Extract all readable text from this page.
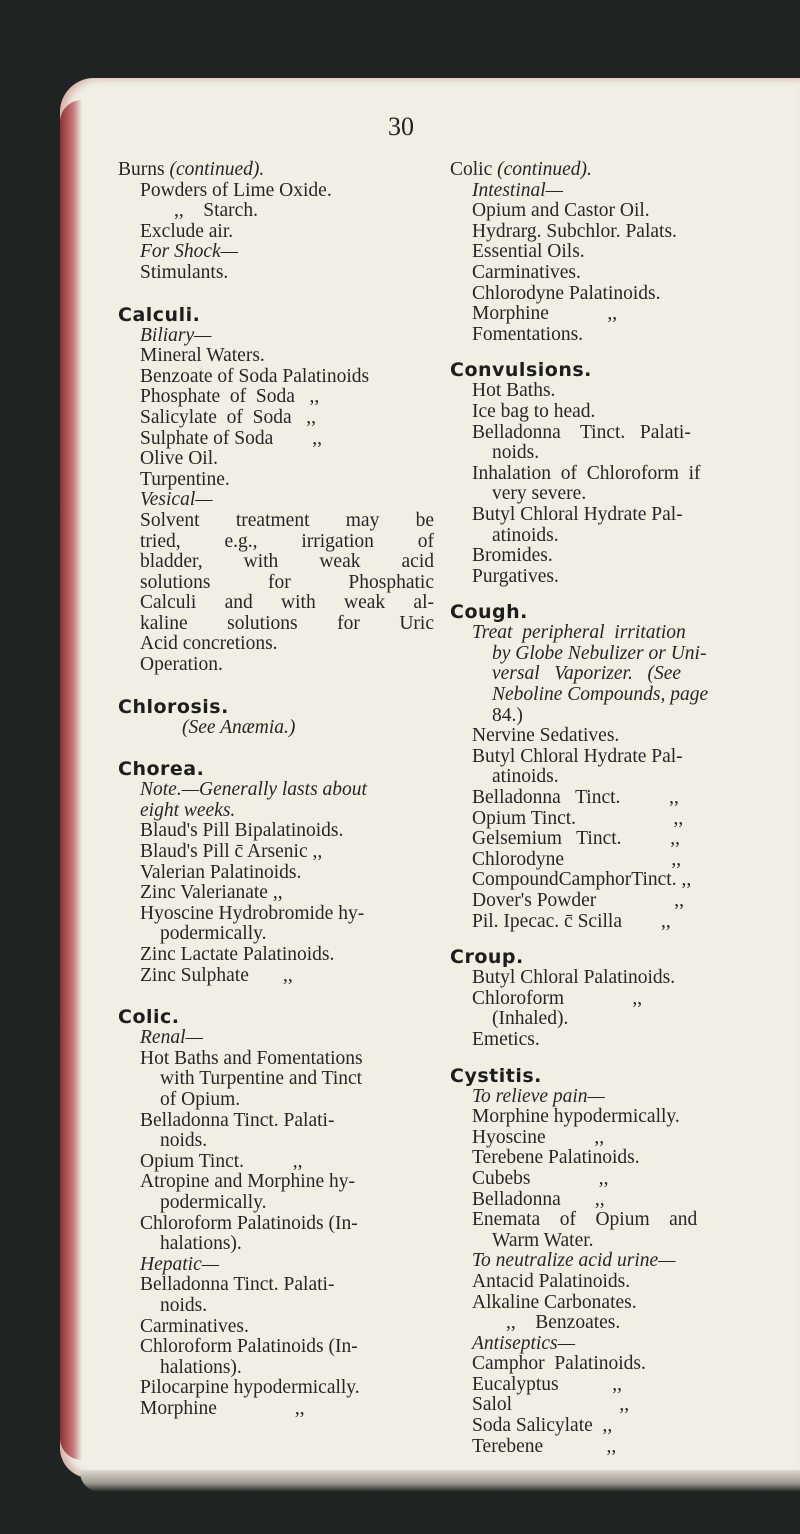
30
Burns (continued).
Powders of Lime Oxide.
,,    Starch.
Exclude air.
For Shock—
Stimulants.
Calculi.
Biliary—
Mineral Waters.
Benzoate of Soda Palatinoids
Phosphate  of  Soda   ,,
Salicylate  of  Soda   ,,
Sulphate of Soda        ,,
Olive Oil.
Turpentine.
Vesical—
Solvent treatment may be
tried, e.g., irrigation of
bladder, with weak acid
solutions for Phosphatic
Calculi and with weak al-
kaline solutions for Uric
Acid concretions.
Operation.
Chlorosis.
(See Anæmia.)
Chorea.
Note.—Generally lasts about
eight weeks.
Blaud's Pill Bipalatinoids.
Blaud's Pill c̄ Arsenic ,,
Valerian Palatinoids.
Zinc Valerianate ,,
Hyoscine Hydrobromide hy-
podermically.
Zinc Lactate Palatinoids.
Zinc Sulphate       ,,
Colic.
Renal—
Hot Baths and Fomentations
with Turpentine and Tinct
of Opium.
Belladonna Tinct. Palati-
noids.
Opium Tinct.          ,,
Atropine and Morphine hy-
podermically.
Chloroform Palatinoids (In-
halations).
Hepatic—
Belladonna Tinct. Palati-
noids.
Carminatives.
Chloroform Palatinoids (In-
halations).
Pilocarpine hypodermically.
Morphine                ,,
Colic (continued).
Intestinal—
Opium and Castor Oil.
Hydrarg. Subchlor. Palats.
Essential Oils.
Carminatives.
Chlorodyne Palatinoids.
Morphine            ,,
Fomentations.
Convulsions.
Hot Baths.
Ice bag to head.
Belladonna    Tinct.   Palati-
noids.
Inhalation  of  Chloroform  if
very severe.
Butyl Chloral Hydrate Pal-
atinoids.
Bromides.
Purgatives.
Cough.
Treat  peripheral  irritation
by Globe Nebulizer or Uni-
versal   Vaporizer.   (See
Neboline Compounds, page
84.)
Nervine Sedatives.
Butyl Chloral Hydrate Pal-
atinoids.
Belladonna   Tinct.          ,,
Opium Tinct.                    ,,
Gelsemium   Tinct.          ,,
Chlorodyne                      ,,
CompoundCamphorTinct. ,,
Dover's Powder                ,,
Pil. Ipecac. c̄ Scilla        ,,
Croup.
Butyl Chloral Palatinoids.
Chloroform              ,,
(Inhaled).
Emetics.
Cystitis.
To relieve pain—
Morphine hypodermically.
Hyoscine          ,,
Terebene Palatinoids.
Cubebs              ,,
Belladonna       ,,
Enemata    of    Opium    and
Warm Water.
To neutralize acid urine—
Antacid Palatinoids.
Alkaline Carbonates.
,,    Benzoates.
Antiseptics—
Camphor  Palatinoids.
Eucalyptus           ,,
Salol                      ,,
Soda Salicylate  ,,
Terebene             ,,
